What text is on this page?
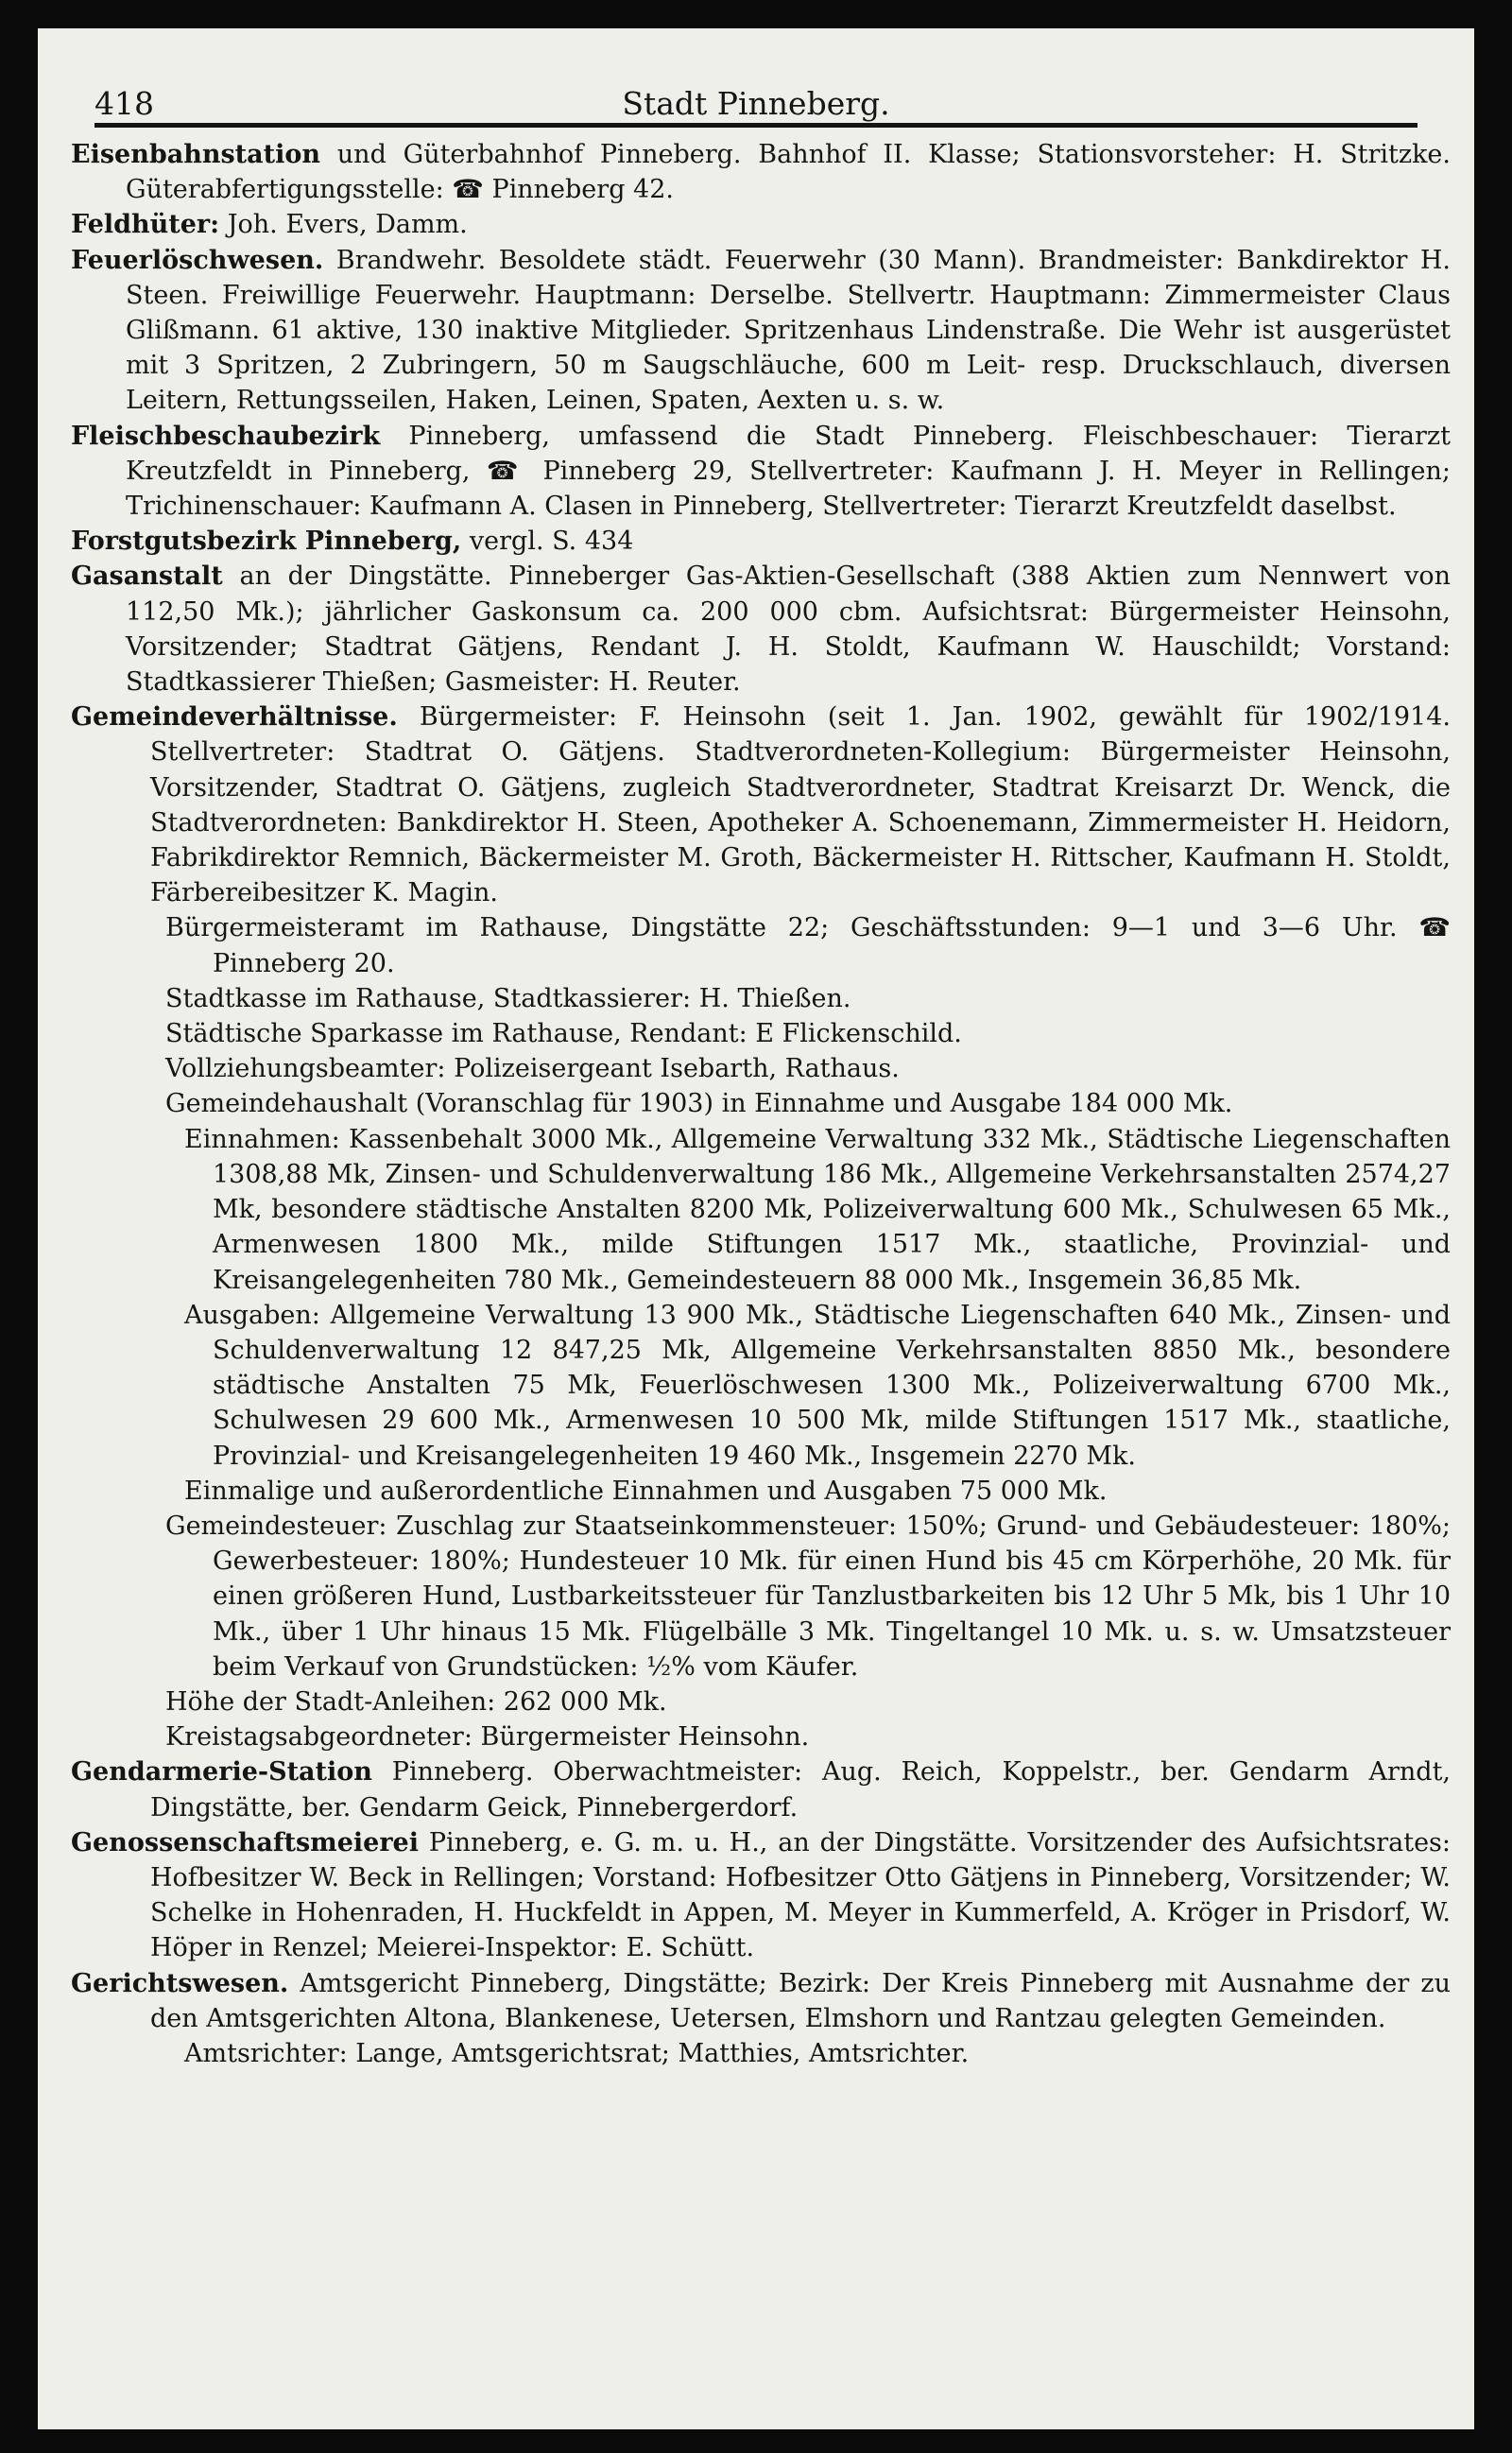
418	Stadt Pinneberg.

Eisenbahnstation und Güterbahnhof Pinneberg. Bahnhof II. Klasse; Stationsvorsteher: H. Stritzke. Güterabfertigungsstelle: ☎ Pinneberg 42.

Feldhüter: Joh. Evers, Damm.

Feuerlöschwesen. Brandwehr. Besoldete städt. Feuerwehr (30 Mann). Brandmeister: Bankdirektor H. Steen. Freiwillige Feuerwehr. Hauptmann: Derselbe. Stellvertr. Hauptmann: Zimmermeister Claus Glißmann. 61 aktive, 130 inaktive Mitglieder. Spritzenhaus Lindenstraße. Die Wehr ist ausgerüstet mit 3 Spritzen, 2 Zubringern, 50 m Saugschläuche, 600 m Leit- resp. Druckschlauch, diversen Leitern, Rettungsseilen, Haken, Leinen, Spaten, Aexten u. s. w.

Fleischbeschaubezirk Pinneberg, umfassend die Stadt Pinneberg. Fleischbeschauer: Tierarzt Kreutzfeldt in Pinneberg, ☎ Pinneberg 29, Stellvertreter: Kaufmann J. H. Meyer in Rellingen; Trichinenschauer: Kaufmann A. Clasen in Pinneberg, Stellvertreter: Tierarzt Kreutzfeldt daselbst.

Forstgutsbezirk Pinneberg, vergl. S. 434

Gasanstalt an der Dingstätte. Pinneberger Gas-Aktien-Gesellschaft (388 Aktien zum Nennwert von 112,50 Mk.); jährlicher Gaskonsum ca. 200 000 cbm. Aufsichtsrat: Bürgermeister Heinsohn, Vorsitzender; Stadtrat Gätjens, Rendant J. H. Stoldt, Kaufmann W. Hauschildt; Vorstand: Stadtkassierer Thießen; Gasmeister: H. Reuter.

Gemeindeverhältnisse. Bürgermeister: F. Heinsohn (seit 1. Jan. 1902, gewählt für 1902/1914. Stellvertreter: Stadtrat O. Gätjens. Stadtverordneten-Kollegium: Bürgermeister Heinsohn, Vorsitzender, Stadtrat O. Gätjens, zugleich Stadtverordneter, Stadtrat Kreisarzt Dr. Wenck, die Stadtverordneten: Bankdirektor H. Steen, Apotheker A. Schoenemann, Zimmermeister H. Heidorn, Fabrikdirektor Remnich, Bäckermeister M. Groth, Bäckermeister H. Rittscher, Kaufmann H. Stoldt, Färbereibesitzer K. Magin.

Bürgermeisteramt im Rathause, Dingstätte 22; Geschäftsstunden: 9—1 und 3—6 Uhr. ☎ Pinneberg 20.

Stadtkasse im Rathause, Stadtkassierer: H. Thießen.

Städtische Sparkasse im Rathause, Rendant: E Flickenschild.

Vollziehungsbeamter: Polizeisergeant Isebarth, Rathaus.

Gemeindehaushalt (Voranschlag für 1903) in Einnahme und Ausgabe 184 000 Mk.

Einnahmen: Kassenbehalt 3000 Mk., Allgemeine Verwaltung 332 Mk., Städtische Liegenschaften 1308,88 Mk, Zinsen- und Schuldenverwaltung 186 Mk., Allgemeine Verkehrsanstalten 2574,27 Mk, besondere städtische Anstalten 8200 Mk, Polizeiverwaltung 600 Mk., Schulwesen 65 Mk., Armenwesen 1800 Mk., milde Stiftungen 1517 Mk., staatliche, Provinzial- und Kreisangelegenheiten 780 Mk., Gemeindesteuern 88 000 Mk., Insgemein 36,85 Mk.

Ausgaben: Allgemeine Verwaltung 13 900 Mk., Städtische Liegenschaften 640 Mk., Zinsen- und Schuldenverwaltung 12 847,25 Mk, Allgemeine Verkehrsanstalten 8850 Mk., besondere städtische Anstalten 75 Mk, Feuerlöschwesen 1300 Mk., Polizeiverwaltung 6700 Mk., Schulwesen 29 600 Mk., Armenwesen 10 500 Mk, milde Stiftungen 1517 Mk., staatliche, Provinzial- und Kreisangelegenheiten 19 460 Mk., Insgemein 2270 Mk.

Einmalige und außerordentliche Einnahmen und Ausgaben 75 000 Mk.

Gemeindesteuer: Zuschlag zur Staatseinkommensteuer: 150%; Grund- und Gebäudesteuer: 180%; Gewerbesteuer: 180%; Hundesteuer 10 Mk. für einen Hund bis 45 cm Körperhöhe, 20 Mk. für einen größeren Hund, Lustbarkeitssteuer für Tanzlustbarkeiten bis 12 Uhr 5 Mk, bis 1 Uhr 10 Mk., über 1 Uhr hinaus 15 Mk. Flügelbälle 3 Mk. Tingeltangel 10 Mk. u. s. w. Umsatzsteuer beim Verkauf von Grundstücken: ½% vom Käufer.

Höhe der Stadt-Anleihen: 262 000 Mk.

Kreistagsabgeordneter: Bürgermeister Heinsohn.

Gendarmerie-Station Pinneberg. Oberwachtmeister: Aug. Reich, Koppelstr., ber. Gendarm Arndt, Dingstätte, ber. Gendarm Geick, Pinnebergerdorf.

Genossenschaftsmeierei Pinneberg, e. G. m. u. H., an der Dingstätte. Vorsitzender des Aufsichtsrates: Hofbesitzer W. Beck in Rellingen; Vorstand: Hofbesitzer Otto Gätjens in Pinneberg, Vorsitzender; W. Schelke in Hohenraden, H. Huckfeldt in Appen, M. Meyer in Kummerfeld, A. Kröger in Prisdorf, W. Höper in Renzel; Meierei-Inspektor: E. Schütt.

Gerichtswesen. Amtsgericht Pinneberg, Dingstätte; Bezirk: Der Kreis Pinneberg mit Ausnahme der zu den Amtsgerichten Altona, Blankenese, Uetersen, Elmshorn und Rantzau gelegten Gemeinden.

Amtsrichter: Lange, Amtsgerichtsrat; Matthies, Amtsrichter.
